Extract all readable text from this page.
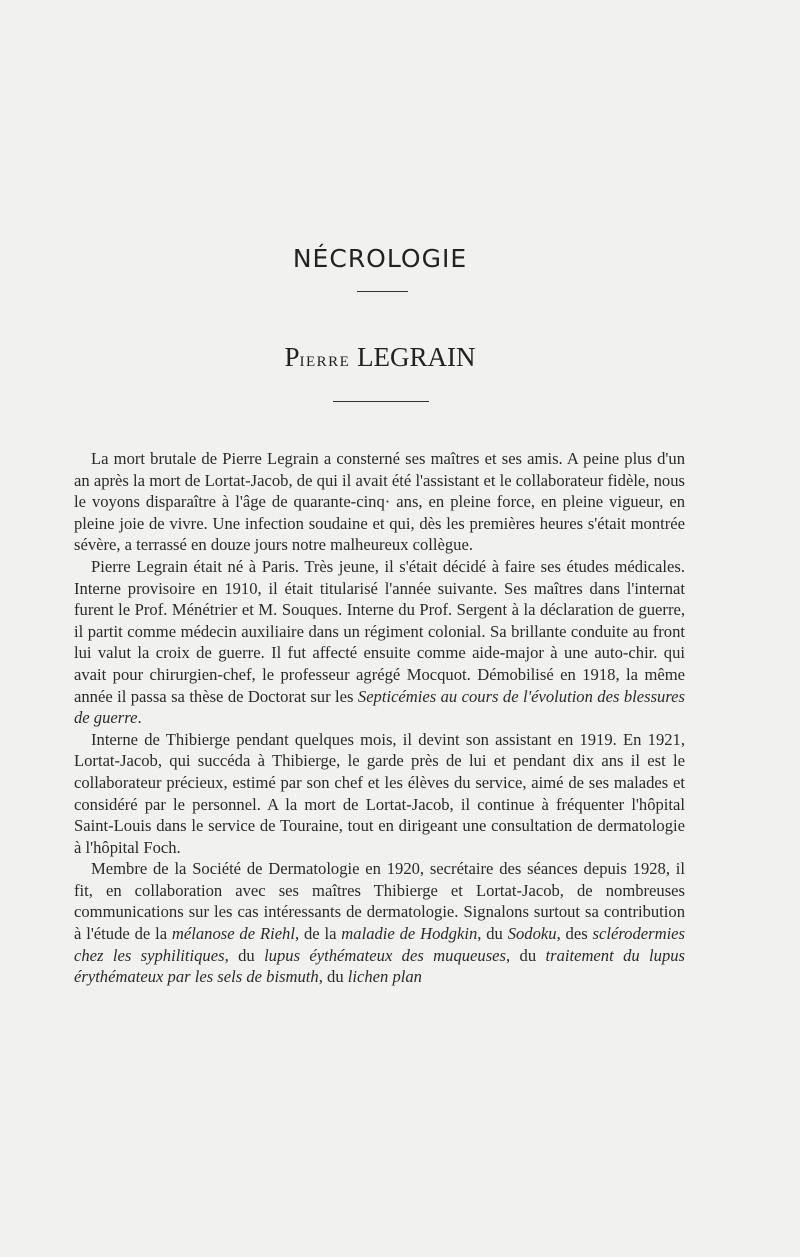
NÉCROLOGIE
PIERRE LEGRAIN

La mort brutale de Pierre Legrain a consterné ses maîtres et ses amis. A peine plus d'un an après la mort de Lortat-Jacob, de qui il avait été l'assistant et le collaborateur fidèle, nous le voyons disparaître à l'âge de quarante-cinq· ans, en pleine force, en pleine vigueur, en pleine joie de vivre. Une infection soudaine et qui, dès les premières heures s'était montrée sévère, a terrassé en douze jours notre malheureux collègue.

Pierre Legrain était né à Paris. Très jeune, il s'était décidé à faire ses études médicales. Interne provisoire en 1910, il était titularisé l'année suivante. Ses maîtres dans l'internat furent le Prof. Ménétrier et M. Souques. Interne du Prof. Sergent à la déclaration de guerre, il partit comme médecin auxiliaire dans un régiment colonial. Sa brillante conduite au front lui valut la croix de guerre. Il fut affecté ensuite comme aide-major à une auto-chir. qui avait pour chirurgien-chef, le professeur agrégé Mocquot. Démobilisé en 1918, la même année il passa sa thèse de Doctorat sur les Septicémies au cours de l'évolution des blessures de guerre.

Interne de Thibierge pendant quelques mois, il devint son assistant en 1919. En 1921, Lortat-Jacob, qui succéda à Thibierge, le garde près de lui et pendant dix ans il est le collaborateur précieux, estimé par son chef et les élèves du service, aimé de ses malades et considéré par le personnel. A la mort de Lortat-Jacob, il continue à fréquenter l'hôpital Saint-Louis dans le service de Touraine, tout en dirigeant une consultation de dermatologie à l'hôpital Foch.

Membre de la Société de Dermatologie en 1920, secrétaire des séances depuis 1928, il fit, en collaboration avec ses maîtres Thibierge et Lortat-Jacob, de nombreuses communications sur les cas intéressants de dermatologie. Signalons surtout sa contribution à l'étude de la mélanose de Riehl, de la maladie de Hodgkin, du Sodoku, des sclérodermies chez les syphilitiques, du lupus éythémateux des muqueuses, du traitement du lupus érythémateux par les sels de bismuth, du lichen plan
